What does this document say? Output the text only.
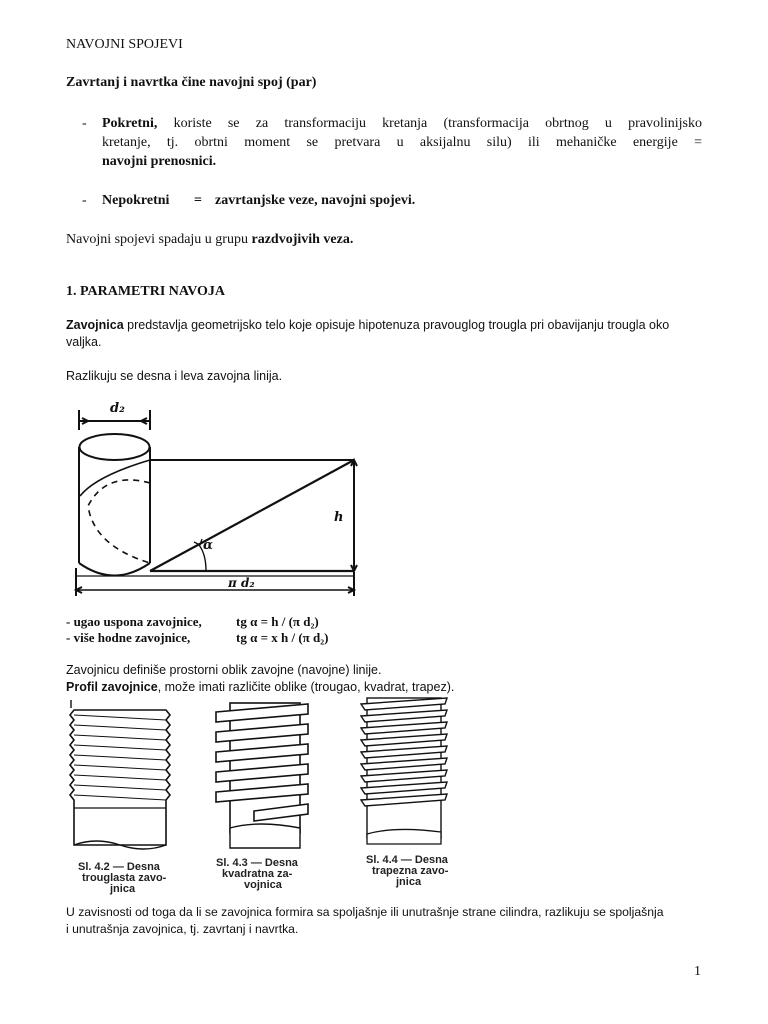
NAVOJNI SPOJEVI
Zavrtanj i navrtka čine navojni spoj (par)
- Pokretni, koriste se za transformaciju kretanja (transformacija obrtnog u pravolinijsko
kretanje, tj. obrtni moment se pretvara u aksijalnu silu) ili mehaničke energije =
navojni prenosnici.
- Nepokretni = zavrtanjske veze, navojni spojevi.
Navojni spojevi spadaju u grupu razdvojivih veza.
1. PARAMETRI NAVOJA
Zavojnica predstavlja geometrijsko telo koje opisuje hipotenuza pravouglog trougla pri obavijanju trougla oko
valjka.
Razlikuju se desna i leva zavojna linija.
d₂
h
α
π d₂
- ugao uspona zavojnice,	tg α = h / (π d₂)
- više hodne zavojnice,	tg α = x h / (π d₂)
Zavojnicu definiše prostorni oblik zavojne (navojne) linije.
Profil zavojnice, može imati različite oblike (trougao, kvadrat, trapez).
Sl. 4.2 — Desna
trouglasta zavo-
jnica
Sl. 4.3 — Desna
kvadratna za-
vojnica
Sl. 4.4 — Desna
trapezna zavo-
jnica
U zavisnosti od toga da li se zavojnica formira sa spoljašnje ili unutrašnje strane cilindra, razlikuju se spoljašnja
i unutrašnja zavojnica, tj. zavrtanj i navrtka.
1
